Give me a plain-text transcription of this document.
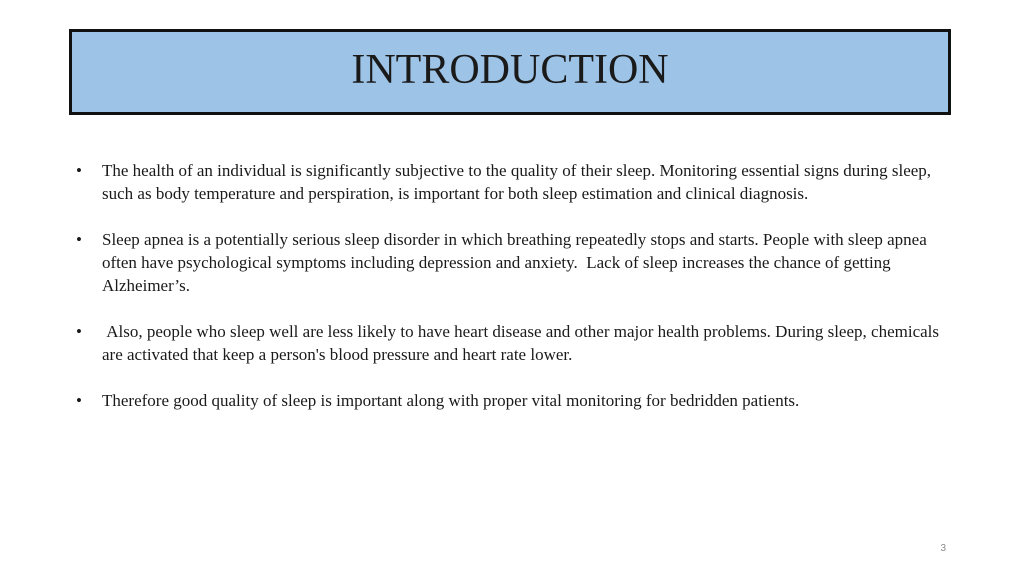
INTRODUCTION
•	The health of an individual is significantly subjective to the quality of their sleep. Monitoring essential signs during sleep, such as body temperature and perspiration, is important for both sleep estimation and clinical diagnosis.
•	Sleep apnea is a potentially serious sleep disorder in which breathing repeatedly stops and starts. People with sleep apnea  often have psychological symptoms including depression and anxiety.  Lack of sleep increases the chance of getting Alzheimer’s.
•	Also, people who sleep well are less likely to have heart disease and other major health problems. During sleep, chemicals are activated that keep a person's blood pressure and heart rate lower.
•	Therefore good quality of sleep is important along with proper vital monitoring for bedridden patients.
3
